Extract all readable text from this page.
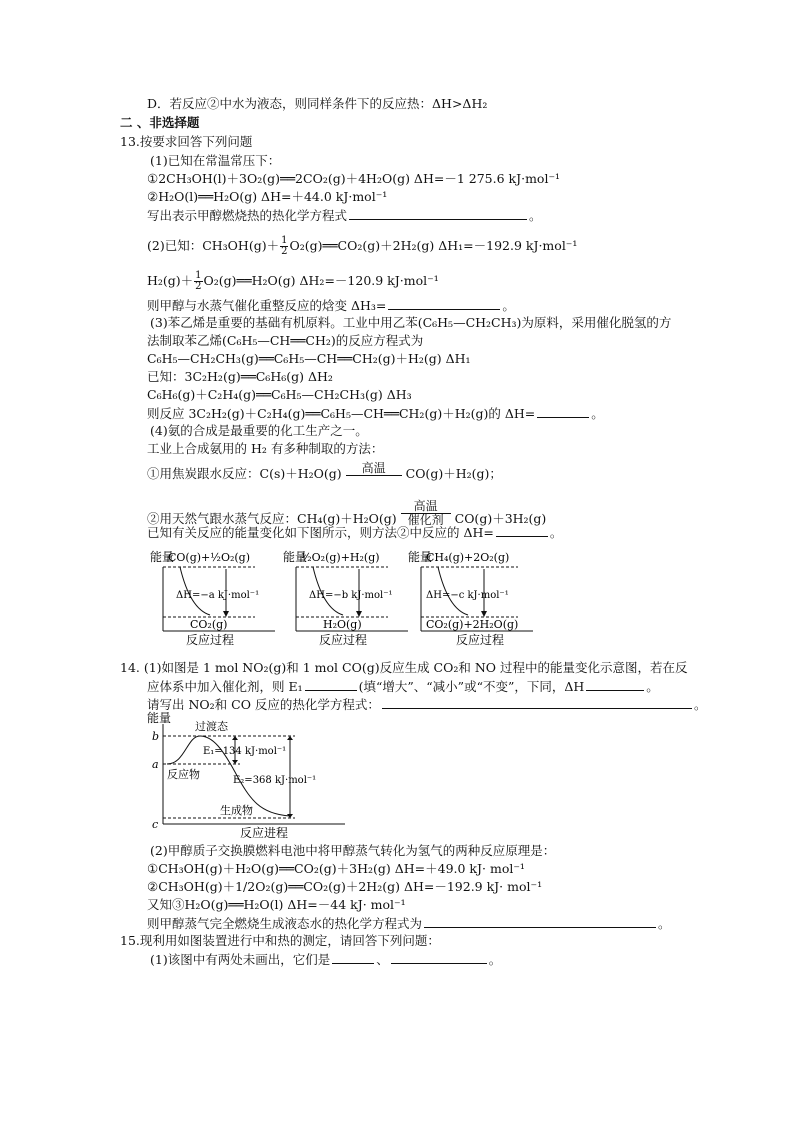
D．若反应②中水为液态，则同样条件下的反应热：ΔH>ΔH₂
二 、非选择题
13.按要求回答下列问题
(1)已知在常温常压下：
①2CH₃OH(l)＋3O₂(g)══2CO₂(g)＋4H₂O(g) ΔH=－1 275.6 kJ·mol⁻¹
②H₂O(l)══H₂O(g) ΔH=＋44.0 kJ·mol⁻¹
写出表示甲醇燃烧热的热化学方程式	。
(2)已知：$CH_3OH(g)+ \frac{1}{2}$ O₂(g)══CO₂(g)＋2H₂(g) ΔH₁=－192.9 kJ·mol⁻¹
$H_2(g)+ \frac{1}{2}$ O₂(g)══H₂O(g) ΔH₂=－120.9 kJ·mol⁻¹
则甲醇与水蒸气催化重整反应的焓变 ΔH₃=	。
(3)苯乙烯是重要的基础有机原料。工业中用乙苯(C₆H₅—CH₂CH₃)为原料，采用催化脱氢的方
法制取苯乙烯(C₆H₅—CH══CH₂)的反应方程式为
C₆H₅—CH₂CH₃(g)══C₆H₅—CH══CH₂(g)＋H₂(g) ΔH₁
已知：3C₂H₂(g)══C₆H₆(g) ΔH₂
C₆H₆(g)＋C₂H₄(g)══C₆H₅—CH₂CH₃(g) ΔH₃
则反应 3C₂H₂(g)＋C₂H₄(g)══C₆H₅—CH══CH₂(g)＋H₂(g)的 ΔH=	。
(4)氨的合成是最重要的化工生产之一。
工业上合成氨用的 H₂ 有多种制取的方法：
①用焦炭跟水反应：C(s)＋H₂O(g)	高温	CO(g)＋H₂(g)；
②用天然气跟水蒸气反应：CH₄(g)＋H₂O(g)
高温
催化剂 CO(g)＋3H₂(g)
已知有关反应的能量变化如下图所示，则方法②中反应的 ΔH=	。
能量
CO(g)+½O₂(g)
ΔH=−a kJ·mol⁻¹
CO₂(g)
反应过程
能量
½O₂(g)+H₂(g)
ΔH=−b kJ·mol⁻¹
H₂O(g)
反应过程
能量
CH₄(g)+2O₂(g)
ΔH=−c kJ·mol⁻¹
CO₂(g)+2H₂O(g)
反应过程
14. (1)如图是 1 mol NO₂(g)和 1 mol CO(g)反应生成 CO₂和 NO 过程中的能量变化示意图，若在反
应体系中加入催化剂，则 E₁	(填“增大”、“减小”或“不变”，下同，ΔH	。
请写出 NO₂和 CO 反应的热化学方程式：	。
能量
b
a
c
过渡态
E₁=134 kJ·mol⁻¹
反应物	E₂=368 kJ·mol⁻¹
生成物
反应进程
(2)甲醇质子交换膜燃料电池中将甲醇蒸气转化为氢气的两种反应原理是：
①CH₃OH(g)＋H₂O(g)══CO₂(g)＋3H₂(g) ΔH=＋49.0 kJ· mol⁻¹
②CH₃OH(g)＋1/2O₂(g)══CO₂(g)＋2H₂(g) ΔH=－192.9 kJ· mol⁻¹
又知③H₂O(g)══H₂O(l) ΔH=－44 kJ· mol⁻¹
则甲醇蒸气完全燃烧生成液态水的热化学方程式为	。
15.现利用如图装置进行中和热的测定，请回答下列问题：
(1)该图中有两处未画出，它们是	、	。
